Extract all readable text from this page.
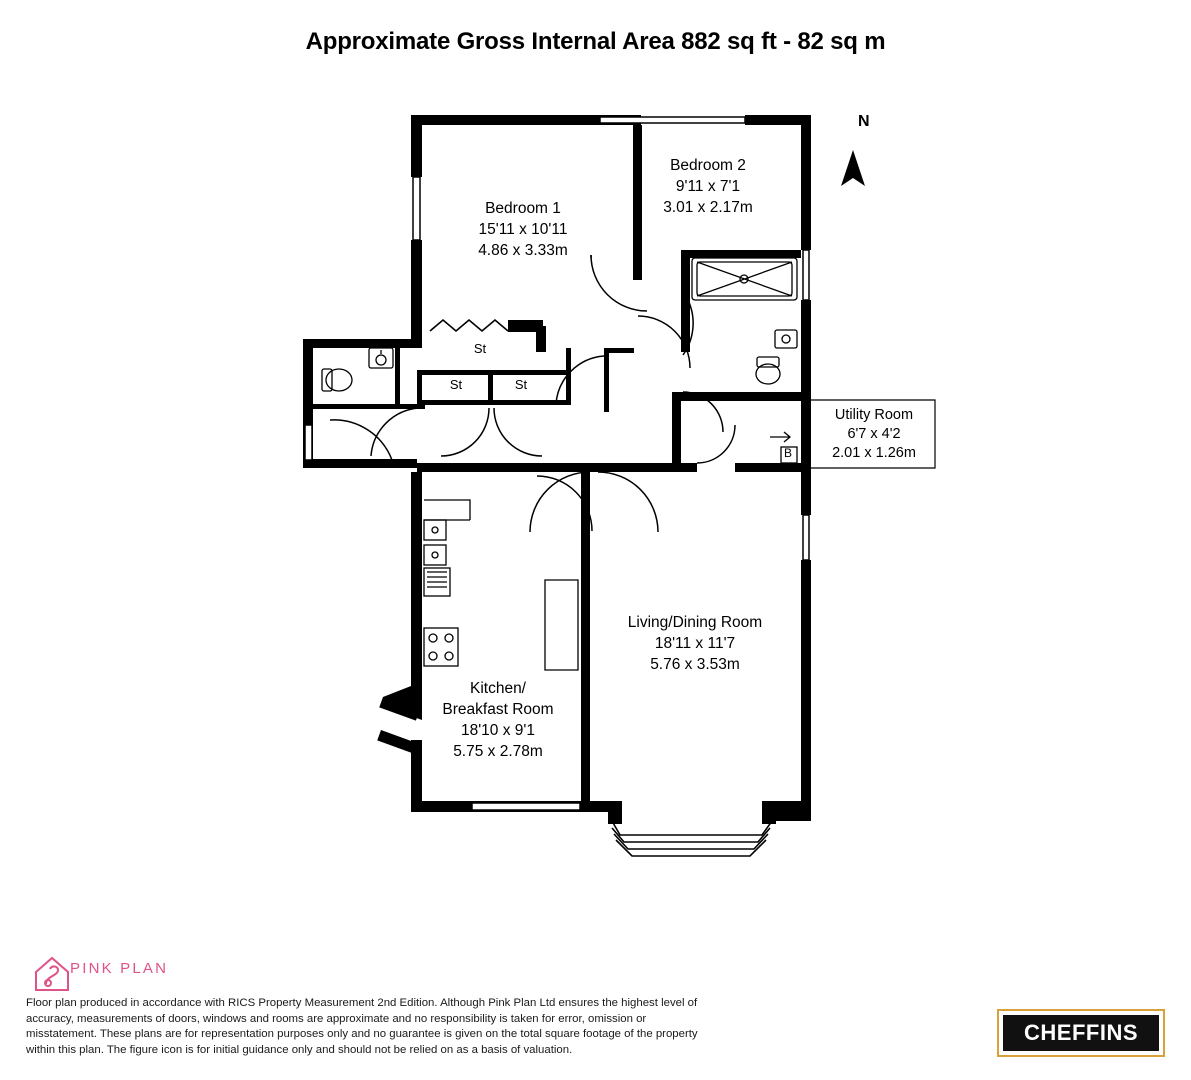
Approximate Gross Internal Area 882 sq ft - 82 sq m
N
Bedroom 1
15'11 x 10'11
4.86 x 3.33m
Bedroom 2
9'11 x 7'1
3.01 x 2.17m
Living/Dining Room
18'11 x 11'7
5.76 x 3.53m
Kitchen/
Breakfast Room
18'10 x 9'1
5.75 x 2.78m
Utility Room
6'7 x 4'2
2.01 x 1.26m
St
St	St
B
PINK PLAN
Floor plan produced in accordance with RICS Property Measurement 2nd Edition. Although Pink Plan Ltd ensures the highest level of accuracy, measurements of doors, windows and rooms are approximate and no responsibility is taken for error, omission or misstatement. These plans are for representation purposes only and no guarantee is given on the total square footage of the property within this plan. The figure icon is for initial guidance only and should not be relied on as a basis of valuation.
CHEFFINS
